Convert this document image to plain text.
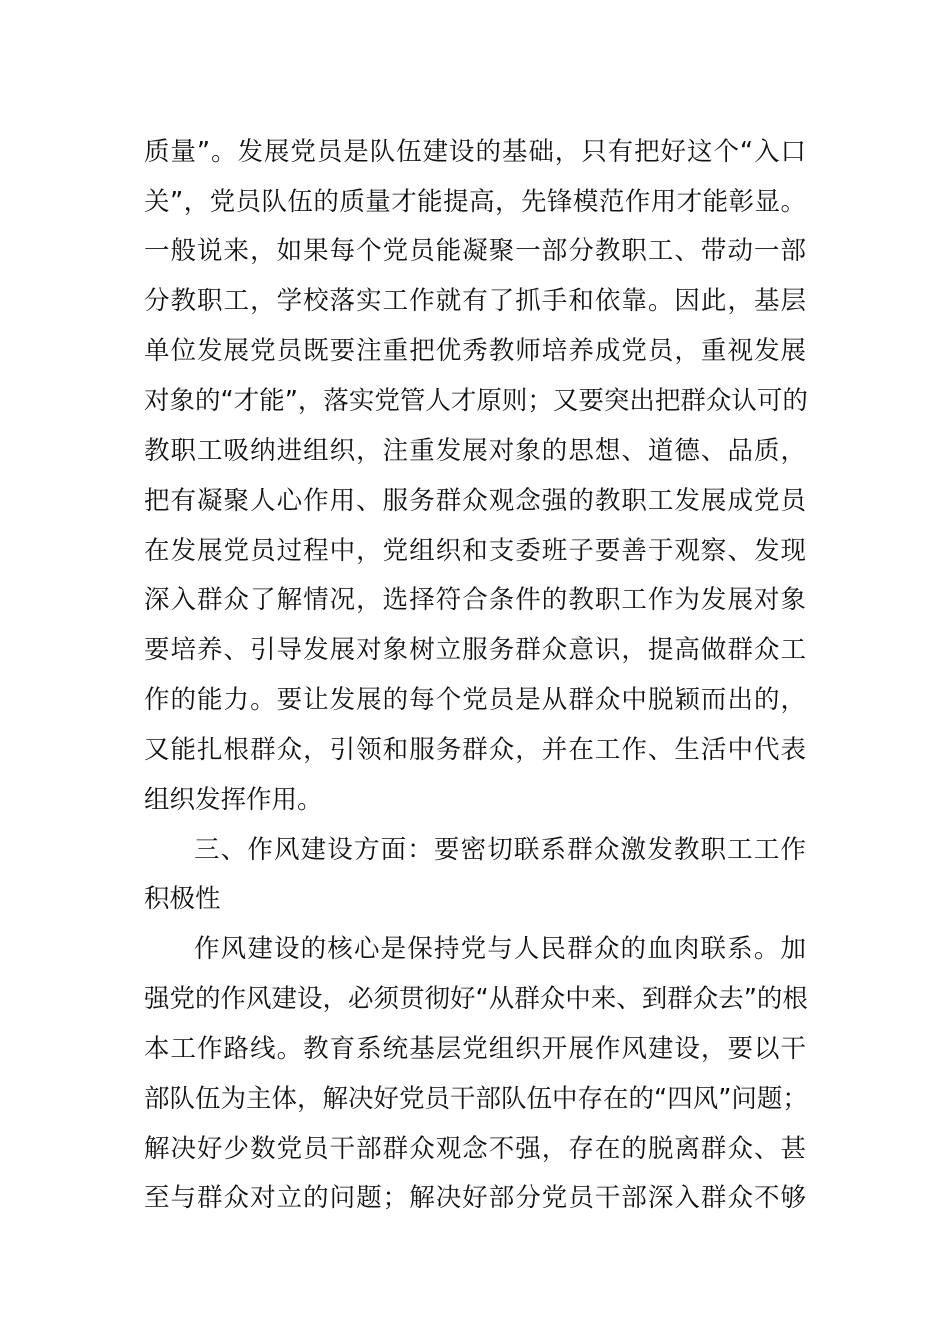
质量”。发展党员是队伍建设的基础，只有把好这个“入口
关”，党员队伍的质量才能提高，先锋模范作用才能彰显。
一般说来，如果每个党员能凝聚一部分教职工、带动一部
分教职工，学校落实工作就有了抓手和依靠。因此，基层
单位发展党员既要注重把优秀教师培养成党员，重视发展
对象的“才能”，落实党管人才原则；又要突出把群众认可的
教职工吸纳进组织，注重发展对象的思想、道德、品质，
把有凝聚人心作用、服务群众观念强的教职工发展成党员
在发展党员过程中，党组织和支委班子要善于观察、发现
深入群众了解情况，选择符合条件的教职工作为发展对象
要培养、引导发展对象树立服务群众意识，提高做群众工
作的能力。要让发展的每个党员是从群众中脱颖而出的，
又能扎根群众，引领和服务群众，并在工作、生活中代表
组织发挥作用。
三、作风建设方面：要密切联系群众激发教职工工作
积极性
作风建设的核心是保持党与人民群众的血肉联系。加
强党的作风建设，必须贯彻好“从群众中来、到群众去”的根
本工作路线。教育系统基层党组织开展作风建设，要以干
部队伍为主体，解决好党员干部队伍中存在的“四风”问题；
解决好少数党员干部群众观念不强，存在的脱离群众、甚
至与群众对立的问题；解决好部分党员干部深入群众不够
